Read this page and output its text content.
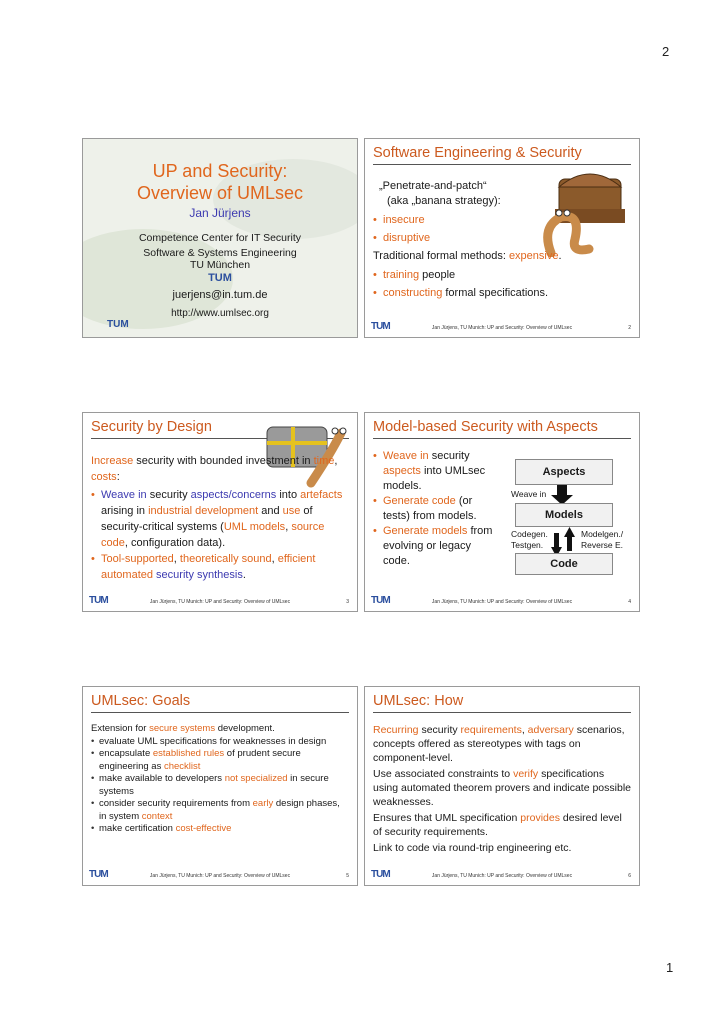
2
UP and Security:
Overview of UMLsec
Jan Jürjens
Competence Center for IT Security
Software & Systems Engineering
TU München
TUM
juerjens@in.tum.de
http://www.umlsec.org
TUM
Software Engineering & Security
„Penetrate-and-patch“
(aka „banana strategy):
• insecure
• disruptive
Traditional formal methods: expensive.
• training people
• constructing formal specifications.
TUM	Jan Jürjens, TU Munich: UP and Security: Overview of UMLsec	2
Security by Design
Increase security with bounded investment in time, costs:
• Weave in security aspects/concerns into artefacts arising in industrial development and use of security-critical systems (UML models, source code, configuration data).
• Tool-supported, theoretically sound, efficient automated security synthesis.
TUM	Jan Jürjens, TU Munich: UP and Security: Overview of UMLsec	3
Model-based Security with Aspects
• Weave in security aspects into UMLsec models.
• Generate code (or tests) from models.
• Generate models from evolving or legacy code.
Aspects
Weave in
Models
Codegen.
Testgen.
Modelgen./
Reverse E.
Code
TUM	Jan Jürjens, TU Munich: UP and Security: Overview of UMLsec	4
UMLsec: Goals
Extension for secure systems development.
• evaluate UML specifications for weaknesses in design
• encapsulate established rules of prudent secure engineering as checklist
• make available to developers not specialized in secure systems
• consider security requirements from early design phases, in system context
• make certification cost-effective
TUM	Jan Jürjens, TU Munich: UP and Security: Overview of UMLsec	5
UMLsec: How
Recurring security requirements, adversary scenarios, concepts offered as stereotypes with tags on component-level.
Use associated constraints to verify specifications using automated theorem provers and indicate possible weaknesses.
Ensures that UML specification provides desired level of security requirements.
Link to code via round-trip engineering etc.
TUM	Jan Jürjens, TU Munich: UP and Security: Overview of UMLsec	6
1
